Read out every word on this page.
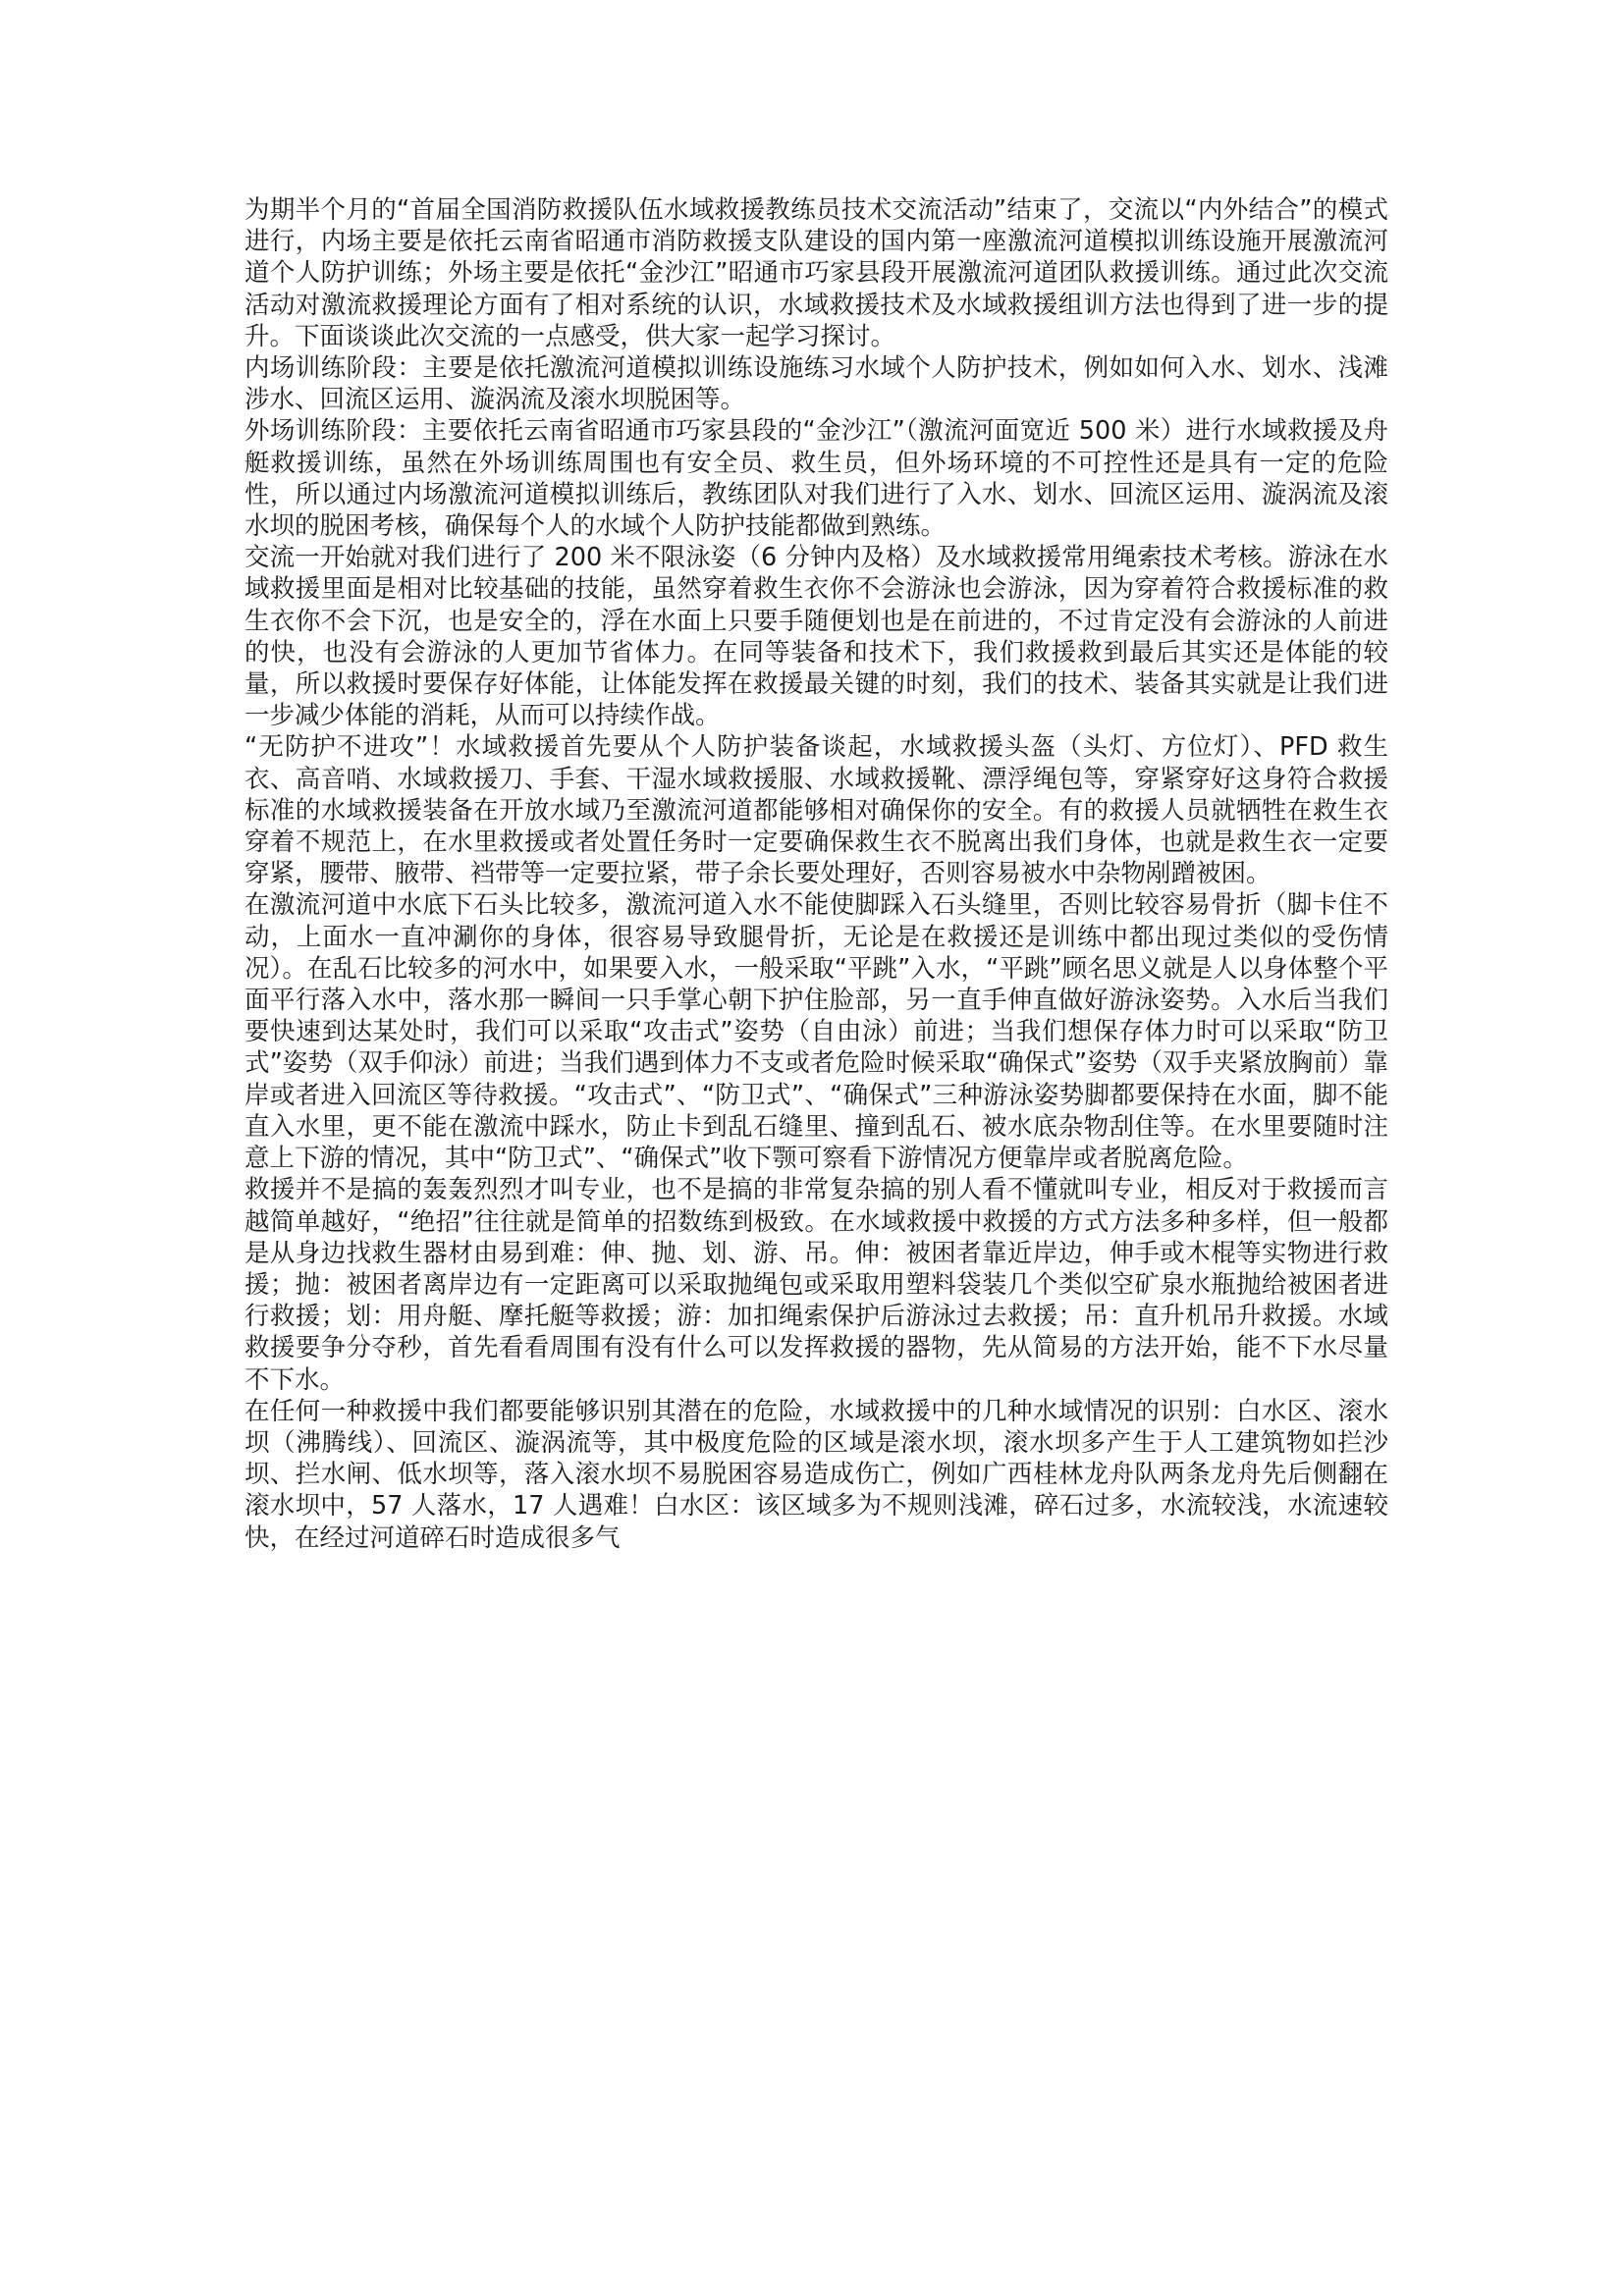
为期半个月的“首届全国消防救援队伍水域救援教练员技术交流活动”结束了，交流以“内外结合”的模式进行，内场主要是依托云南省昭通市消防救援支队建设的国内第一座激流河道模拟训练设施开展激流河道个人防护训练；外场主要是依托“金沙江”昭通市巧家县段开展激流河道团队救援训练。通过此次交流活动对激流救援理论方面有了相对系统的认识，水域救援技术及水域救援组训方法也得到了进一步的提升。下面谈谈此次交流的一点感受，供大家一起学习探讨。

内场训练阶段：主要是依托激流河道模拟训练设施练习水域个人防护技术，例如如何入水、划水、浅滩涉水、回流区运用、漩涡流及滚水坝脱困等。

外场训练阶段：主要依托云南省昭通市巧家县段的“金沙江”（激流河面宽近 500 米）进行水域救援及舟艇救援训练，虽然在外场训练周围也有安全员、救生员，但外场环境的不可控性还是具有一定的危险性，所以通过内场激流河道模拟训练后，教练团队对我们进行了入水、划水、回流区运用、漩涡流及滚水坝的脱困考核，确保每个人的水域个人防护技能都做到熟练。

交流一开始就对我们进行了 200 米不限泳姿（6 分钟内及格）及水域救援常用绳索技术考核。游泳在水域救援里面是相对比较基础的技能，虽然穿着救生衣你不会游泳也会游泳，因为穿着符合救援标准的救生衣你不会下沉，也是安全的，浮在水面上只要手随便划也是在前进的，不过肯定没有会游泳的人前进的快，也没有会游泳的人更加节省体力。在同等装备和技术下，我们救援救到最后其实还是体能的较量，所以救援时要保存好体能，让体能发挥在救援最关键的时刻，我们的技术、装备其实就是让我们进一步减少体能的消耗，从而可以持续作战。

“无防护不进攻”！水域救援首先要从个人防护装备谈起，水域救援头盔（头灯、方位灯）、PFD 救生衣、高音哨、水域救援刀、手套、干湿水域救援服、水域救援靴、漂浮绳包等，穿紧穿好这身符合救援标准的水域救援装备在开放水域乃至激流河道都能够相对确保你的安全。有的救援人员就牺牲在救生衣穿着不规范上，在水里救援或者处置任务时一定要确保救生衣不脱离出我们身体，也就是救生衣一定要穿紧，腰带、腋带、裆带等一定要拉紧，带子余长要处理好，否则容易被水中杂物剐蹭被困。

在激流河道中水底下石头比较多，激流河道入水不能使脚踩入石头缝里，否则比较容易骨折（脚卡住不动，上面水一直冲涮你的身体，很容易导致腿骨折，无论是在救援还是训练中都出现过类似的受伤情况）。在乱石比较多的河水中，如果要入水，一般采取“平跳”入水，“平跳”顾名思义就是人以身体整个平面平行落入水中，落水那一瞬间一只手掌心朝下护住脸部，另一直手伸直做好游泳姿势。入水后当我们要快速到达某处时，我们可以采取“攻击式”姿势（自由泳）前进；当我们想保存体力时可以采取“防卫式”姿势（双手仰泳）前进；当我们遇到体力不支或者危险时候采取“确保式”姿势（双手夹紧放胸前）靠岸或者进入回流区等待救援。“攻击式”、“防卫式”、“确保式”三种游泳姿势脚都要保持在水面，脚不能直入水里，更不能在激流中踩水，防止卡到乱石缝里、撞到乱石、被水底杂物刮住等。在水里要随时注意上下游的情况，其中“防卫式”、“确保式”收下颚可察看下游情况方便靠岸或者脱离危险。

救援并不是搞的轰轰烈烈才叫专业，也不是搞的非常复杂搞的别人看不懂就叫专业，相反对于救援而言越简单越好，“绝招”往往就是简单的招数练到极致。在水域救援中救援的方式方法多种多样，但一般都是从身边找救生器材由易到难：伸、抛、划、游、吊。伸：被困者靠近岸边，伸手或木棍等实物进行救援；抛：被困者离岸边有一定距离可以采取抛绳包或采取用塑料袋装几个类似空矿泉水瓶抛给被困者进行救援；划：用舟艇、摩托艇等救援；游：加扣绳索保护后游泳过去救援；吊：直升机吊升救援。水域救援要争分夺秒，首先看看周围有没有什么可以发挥救援的器物，先从简易的方法开始，能不下水尽量不下水。

在任何一种救援中我们都要能够识别其潜在的危险，水域救援中的几种水域情况的识别：白水区、滚水坝（沸腾线）、回流区、漩涡流等，其中极度危险的区域是滚水坝，滚水坝多产生于人工建筑物如拦沙坝、拦水闸、低水坝等，落入滚水坝不易脱困容易造成伤亡，例如广西桂林龙舟队两条龙舟先后侧翻在滚水坝中，57 人落水，17 人遇难！白水区：该区域多为不规则浅滩，碎石过多，水流较浅，水流速较快，在经过河道碎石时造成很多气
